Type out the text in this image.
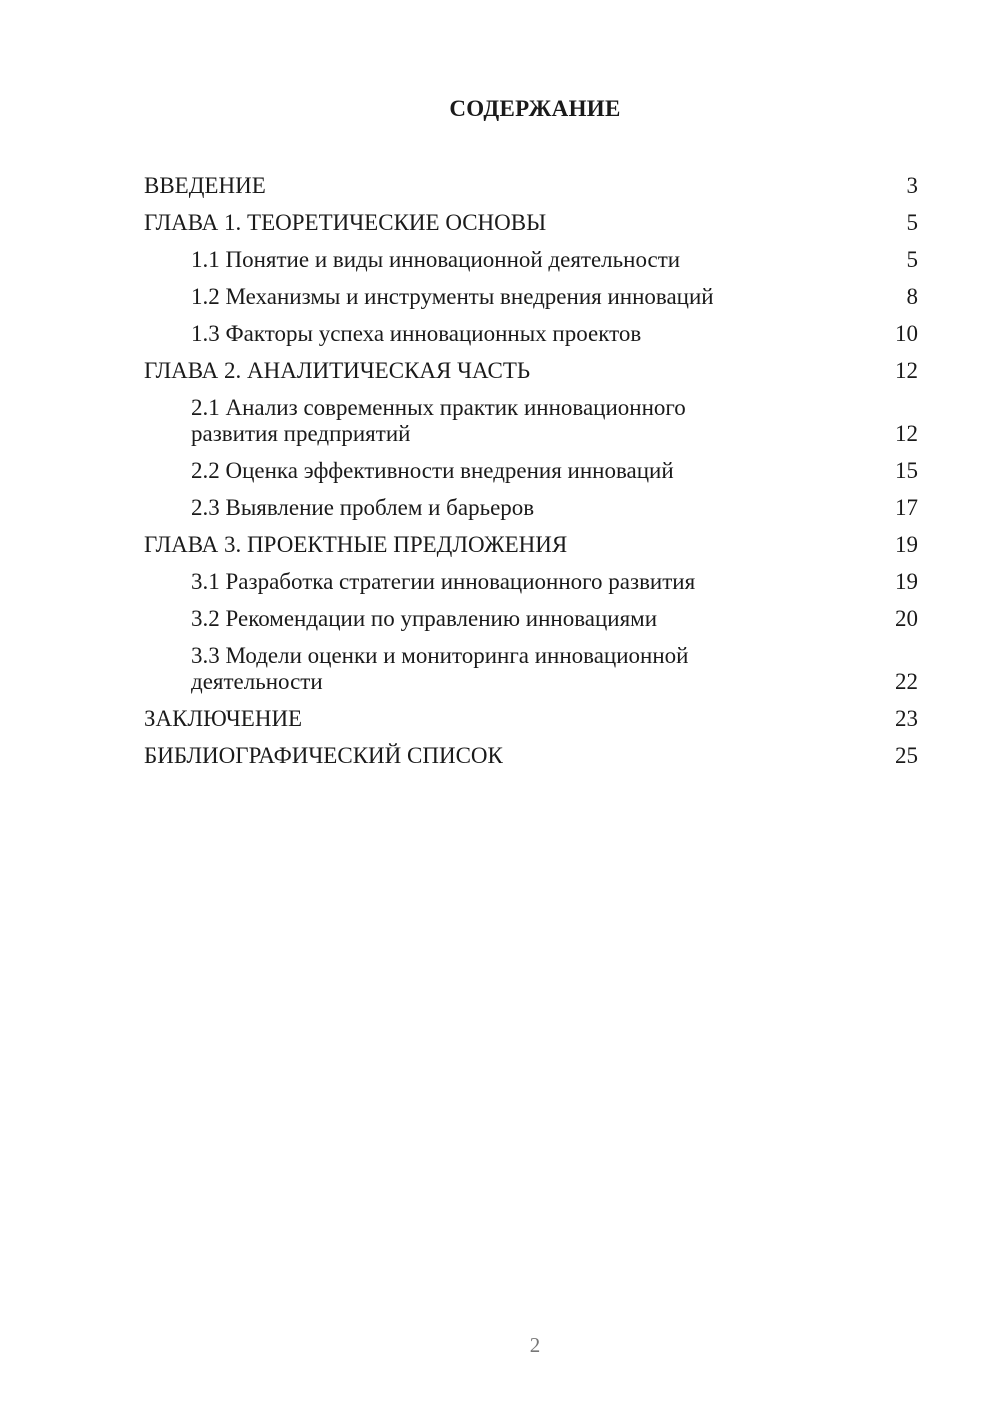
СОДЕРЖАНИЕ
ВВЕДЕНИЕ	3
ГЛАВА 1. ТЕОРЕТИЧЕСКИЕ ОСНОВЫ	5
1.1 Понятие и виды инновационной деятельности	5
1.2 Механизмы и инструменты внедрения инноваций	8
1.3 Факторы успеха инновационных проектов	10
ГЛАВА 2. АНАЛИТИЧЕСКАЯ ЧАСТЬ	12
2.1 Анализ современных практик инновационного развития предприятий	12
2.2 Оценка эффективности внедрения инноваций	15
2.3 Выявление проблем и барьеров	17
ГЛАВА 3. ПРОЕКТНЫЕ ПРЕДЛОЖЕНИЯ	19
3.1 Разработка стратегии инновационного развития	19
3.2 Рекомендации по управлению инновациями	20
3.3 Модели оценки и мониторинга инновационной деятельности	22
ЗАКЛЮЧЕНИЕ	23
БИБЛИОГРАФИЧЕСКИЙ СПИСОК	25
2
